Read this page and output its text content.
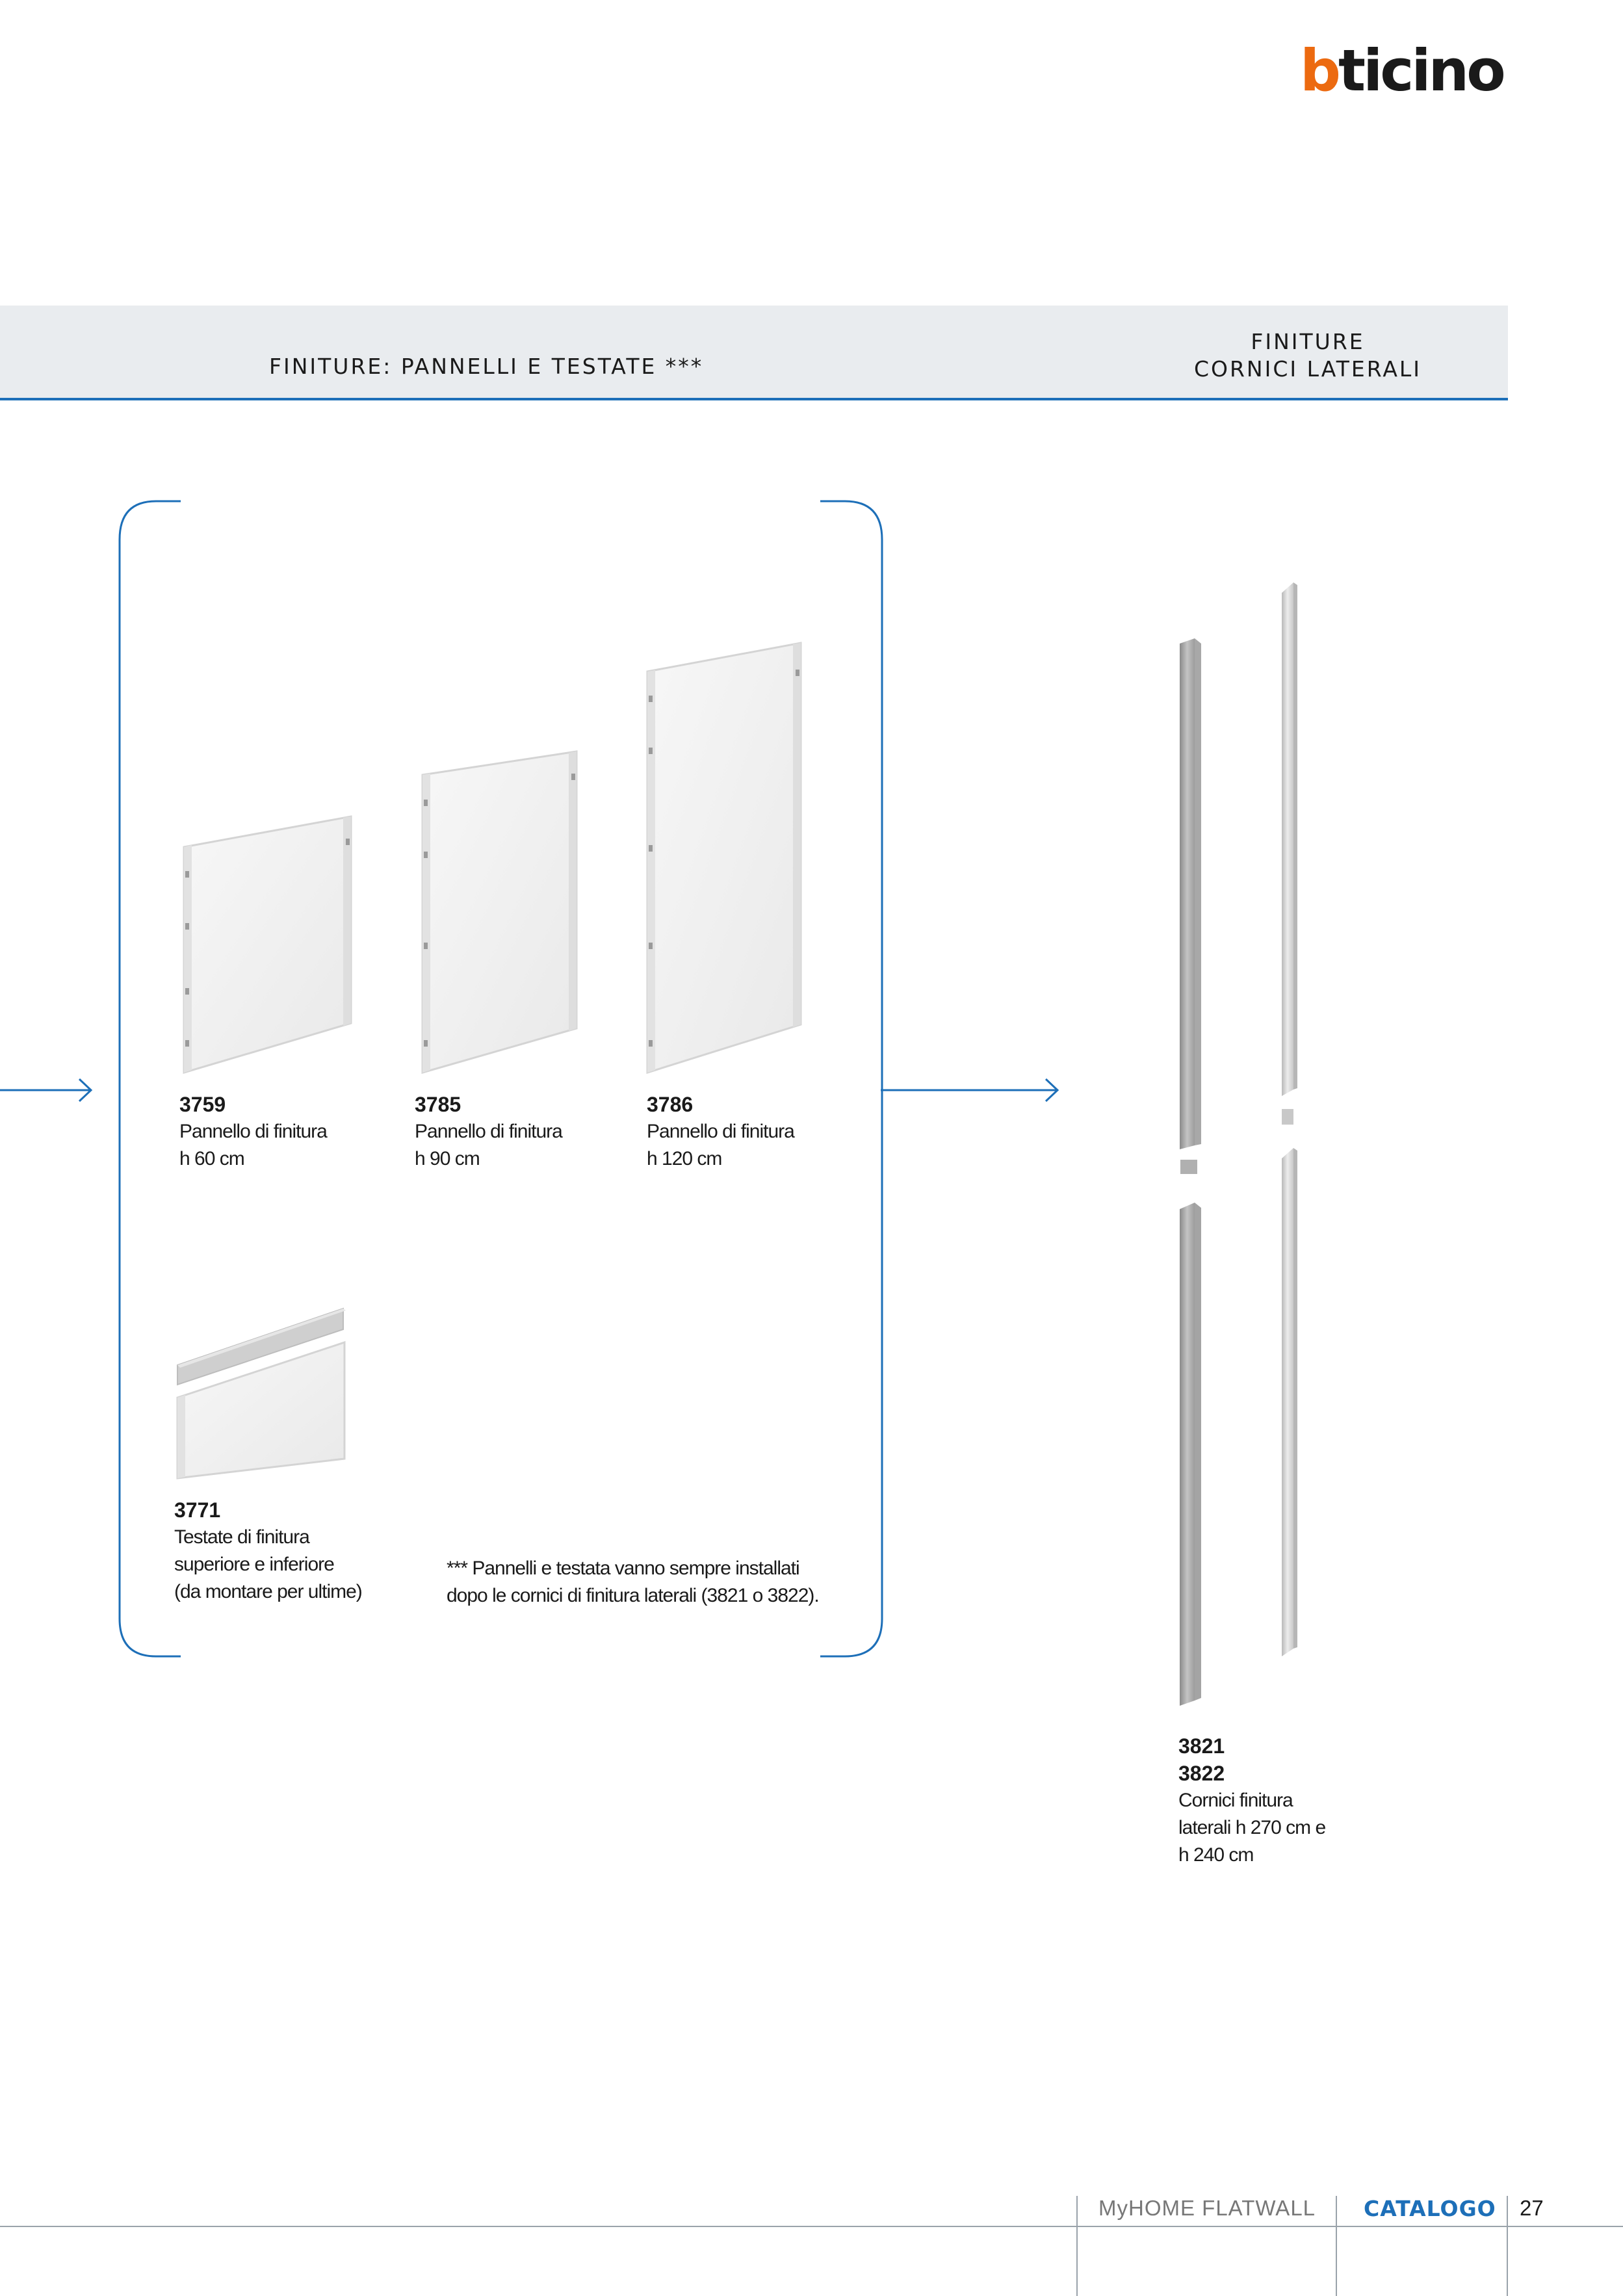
bticino
FINITURE: PANNELLI E TESTATE ***
FINITURE
CORNICI LATERALI
3759
Pannello di finitura
h 60 cm
3785
Pannello di finitura
h 90 cm
3786
Pannello di finitura
h 120 cm
3771
Testate di finitura
superiore e inferiore
(da montare per ultime)
*** Pannelli e testata vanno sempre installati
dopo le cornici di finitura laterali (3821 o 3822).
3821
3822
Cornici finitura
laterali h 270 cm e
h 240 cm
MyHOME FLATWALL CATALOGO 27
